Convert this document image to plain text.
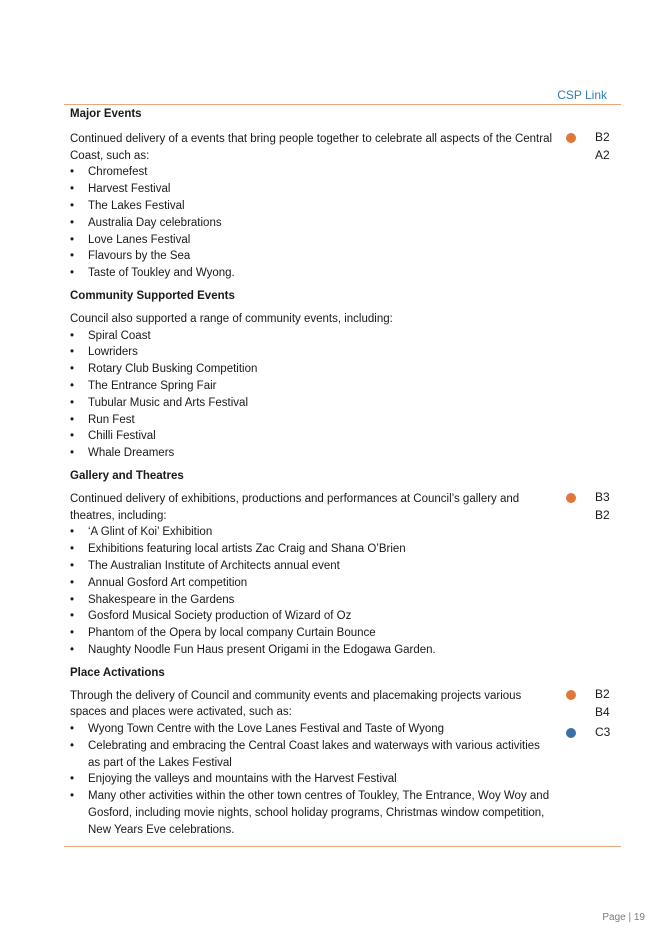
CSP Link
Major Events

Continued delivery of a events that bring people together to celebrate all aspects of the Central Coast, such as:

• Chromefest
• Harvest Festival
• The Lakes Festival
• Australia Day celebrations
• Love Lanes Festival
• Flavours by the Sea
• Taste of Toukley and Wyong.
Community Supported Events

Council also supported a range of community events, including:

• Spiral Coast
• Lowriders
• Rotary Club Busking Competition
• The Entrance Spring Fair
• Tubular Music and Arts Festival
• Run Fest
• Chilli Festival
• Whale Dreamers
Gallery and Theatres

Continued delivery of exhibitions, productions and performances at Council’s gallery and theatres, including:

• ‘A Glint of Koi’ Exhibition
• Exhibitions featuring local artists Zac Craig and Shana O’Brien
• The Australian Institute of Architects annual event
• Annual Gosford Art competition
• Shakespeare in the Gardens
• Gosford Musical Society production of Wizard of Oz
• Phantom of the Opera by local company Curtain Bounce
• Naughty Noodle Fun Haus present Origami in the Edogawa Garden.
Place Activations

Through the delivery of Council and community events and placemaking projects various spaces and places were activated, such as:

• Wyong Town Centre with the Love Lanes Festival and Taste of Wyong
• Celebrating and embracing the Central Coast lakes and waterways with various activities as part of the Lakes Festival
• Enjoying the valleys and mountains with the Harvest Festival
• Many other activities within the other town centres of Toukley, The Entrance, Woy Woy and Gosford, including movie nights, school holiday programs, Christmas window competition, New Years Eve celebrations.
B2
A2
B3
B2
B2
B4
C3
Page | 19
